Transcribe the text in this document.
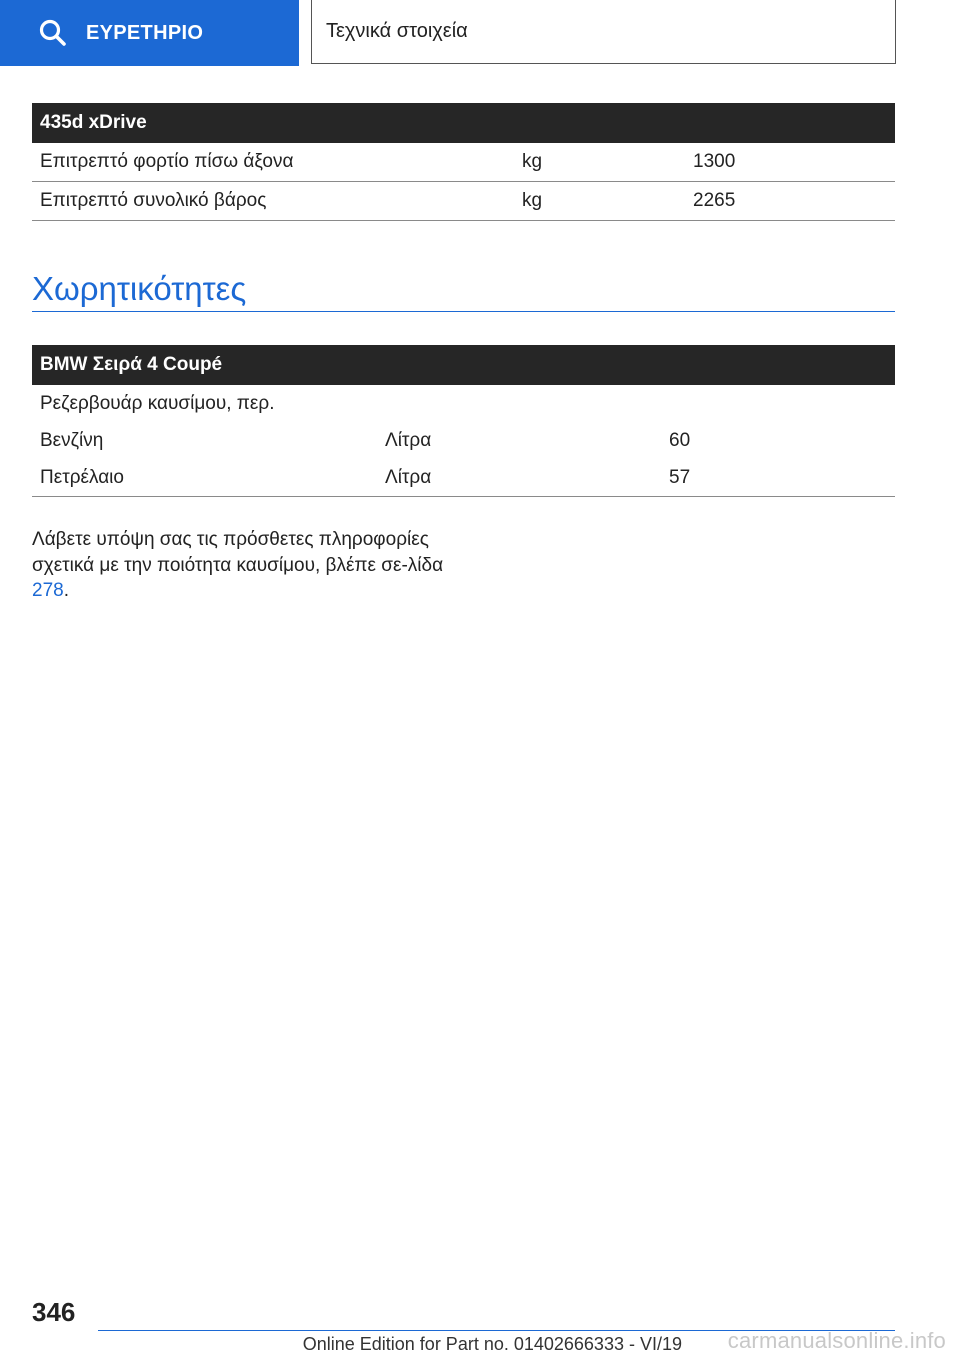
ΕΥΡΕΤΗΡΙΟ	Τεχνικά στοιχεία
435d xDrive		
Επιτρεπτό φορτίο πίσω άξονα	kg	1300
Επιτρεπτό συνολικό βάρος	kg	2265
Χωρητικότητες
BMW Σειρά 4 Coupé		
Ρεζερβουάρ καυσίμου, περ.		
Βενζίνη	Λίτρα	60
Πετρέλαιο	Λίτρα	57

Λάβετε υπόψη σας τις πρόσθετες πληροφορίες σχετικά με την ποιότητα καυσίμου, βλέπε σε‐λίδα 278.

346
Online Edition for Part no. 01402666333 - VI/19 carmanualsonline.info
